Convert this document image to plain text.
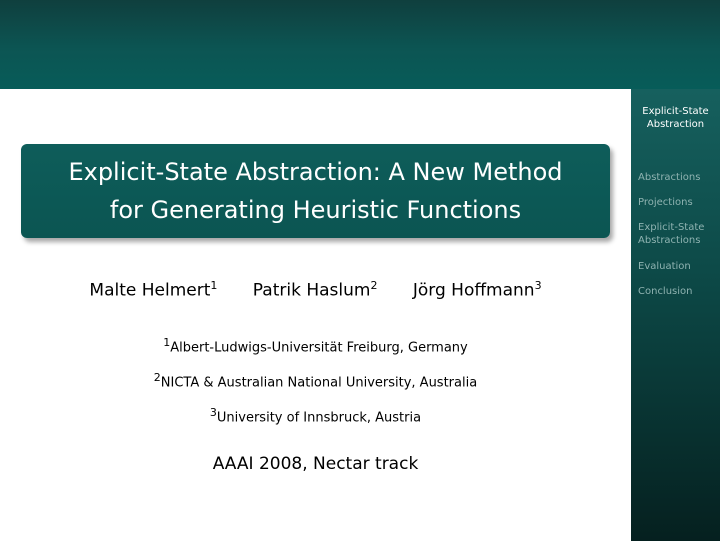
Explicit-State Abstraction
Abstractions
Projections
Explicit-State Abstractions
Evaluation
Conclusion
Explicit-State Abstraction: A New Method
for Generating Heuristic Functions
Malte Helmert$^1$ Patrik Haslum$^2$ Jörg Hoffmann$^3$
$^1$Albert-Ludwigs-Universität Freiburg, Germany
$^2$NICTA & Australian National University, Australia
$^3$University of Innsbruck, Austria
AAAI 2008, Nectar track
